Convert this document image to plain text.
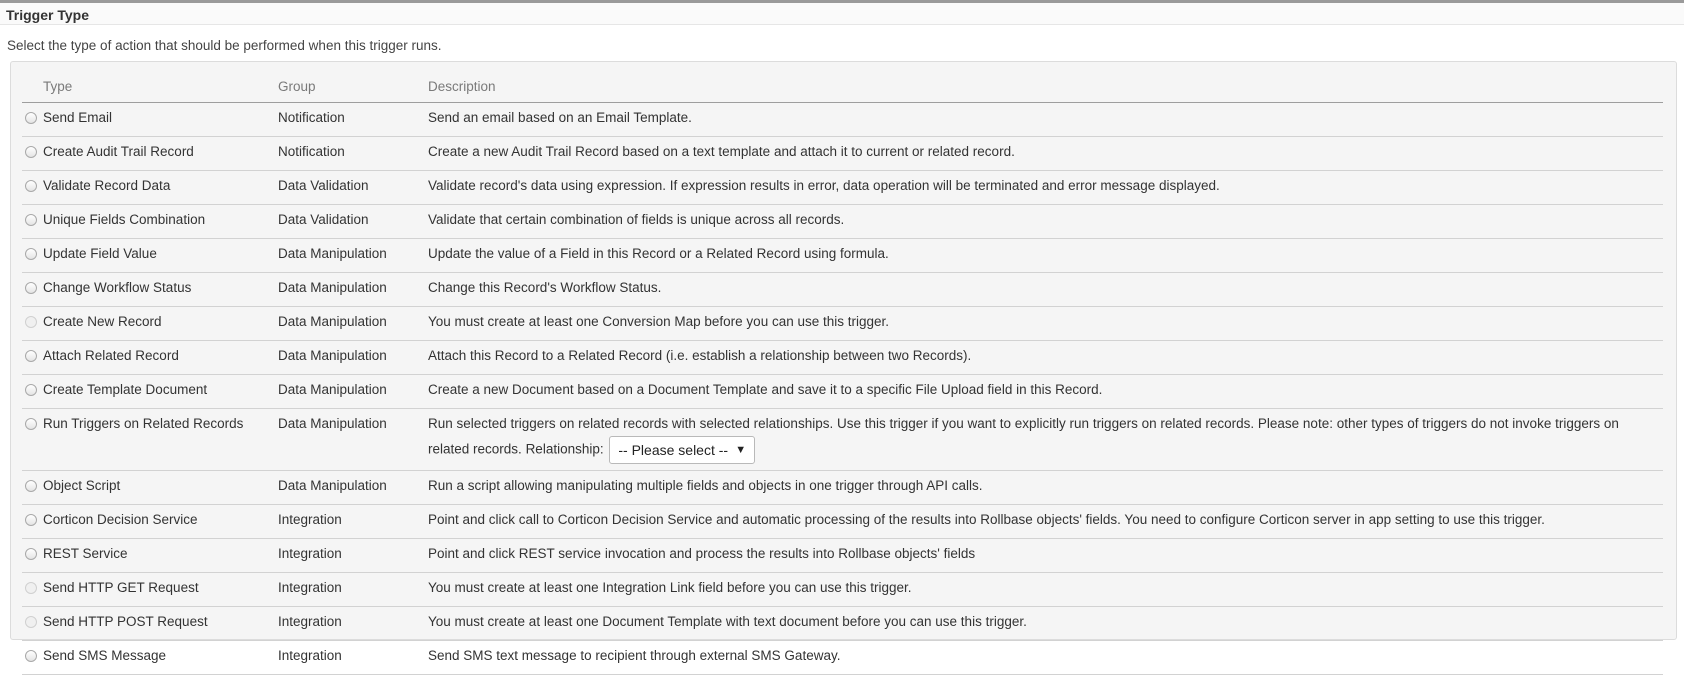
Trigger Type
Select the type of action that should be performed when this trigger runs.
	Type	Group	Description
	Send Email	Notification	Send an email based on an Email Template.
	Create Audit Trail Record	Notification	Create a new Audit Trail Record based on a text template and attach it to current or related record.
	Validate Record Data	Data Validation	Validate record's data using expression. If expression results in error, data operation will be terminated and error message displayed.
	Unique Fields Combination	Data Validation	Validate that certain combination of fields is unique across all records.
	Update Field Value	Data Manipulation	Update the value of a Field in this Record or a Related Record using formula.
	Change Workflow Status	Data Manipulation	Change this Record's Workflow Status.
	Create New Record	Data Manipulation	You must create at least one Conversion Map before you can use this trigger.
	Attach Related Record	Data Manipulation	Attach this Record to a Related Record (i.e. establish a relationship between two Records).
	Create Template Document	Data Manipulation	Create a new Document based on a Document Template and save it to a specific File Upload field in this Record.
	Run Triggers on Related Records	Data Manipulation	Run selected triggers on related records with selected relationships. Use this trigger if you want to explicitly run triggers on related records. Please note: other types of triggers do not invoke triggers on related records. Relationship: -- Please select -- ▼

	Object Script	Data Manipulation	Run a script allowing manipulating multiple fields and objects in one trigger through API calls.
	Corticon Decision Service	Integration	Point and click call to Corticon Decision Service and automatic processing of the results into Rollbase objects' fields. You need to configure Corticon server in app setting to use this trigger.
	REST Service	Integration	Point and click REST service invocation and process the results into Rollbase objects' fields
	Send HTTP GET Request	Integration	You must create at least one Integration Link field before you can use this trigger.
	Send HTTP POST Request	Integration	You must create at least one Document Template with text document before you can use this trigger.
	Send SMS Message	Integration	Send SMS text message to recipient through external SMS Gateway.
